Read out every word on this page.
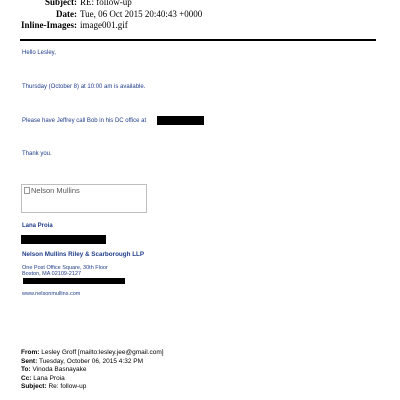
Subject: RE: follow-up
Date: Tue, 06 Oct 2015 20:40:43 +0000
Inline-Images: image001.gif
Hello Lesley,
Thursday (October 8) at 10:00 am is available.
Please have Jeffrey call Bob in his DC office at
Thank you.
Nelson Mullins
Lana Proia
Nelson Mullins Riley & Scarborough LLP
One Post Office Square, 30th Floor
Boston, MA 02109-2127
www.nelsonmullins.com
From: Lesley Groff [mailto:lesley.jee@gmail.com]
Sent: Tuesday, October 06, 2015 4:32 PM
To: Vinoda Basnayake
Cc: Lana Proia
Subject: Re: follow-up
